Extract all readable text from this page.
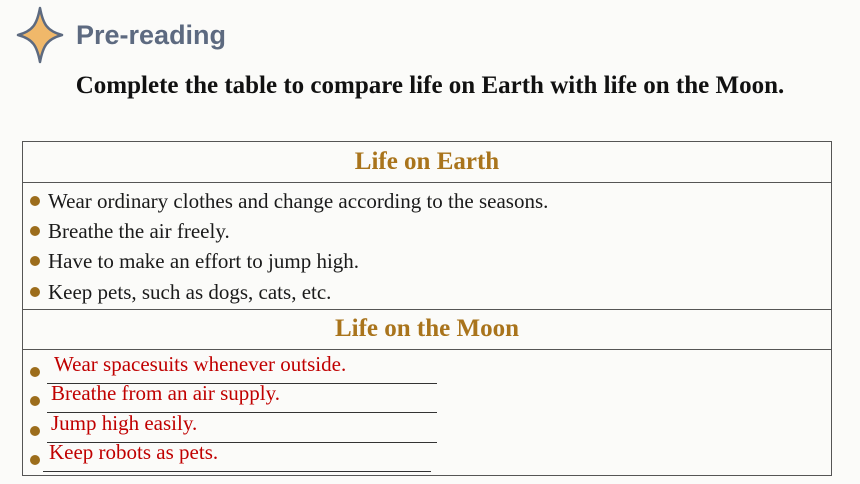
Pre-reading
Complete the table to compare life on Earth with life on the Moon.
Life on Earth
Wear ordinary clothes and change according to the seasons.
Breathe the air freely.
Have to make an effort to jump high.
Keep pets, such as dogs, cats, etc.
Life on the Moon
Wear spacesuits whenever outside.
Breathe from an air supply.
Jump high easily.
Keep robots as pets.
